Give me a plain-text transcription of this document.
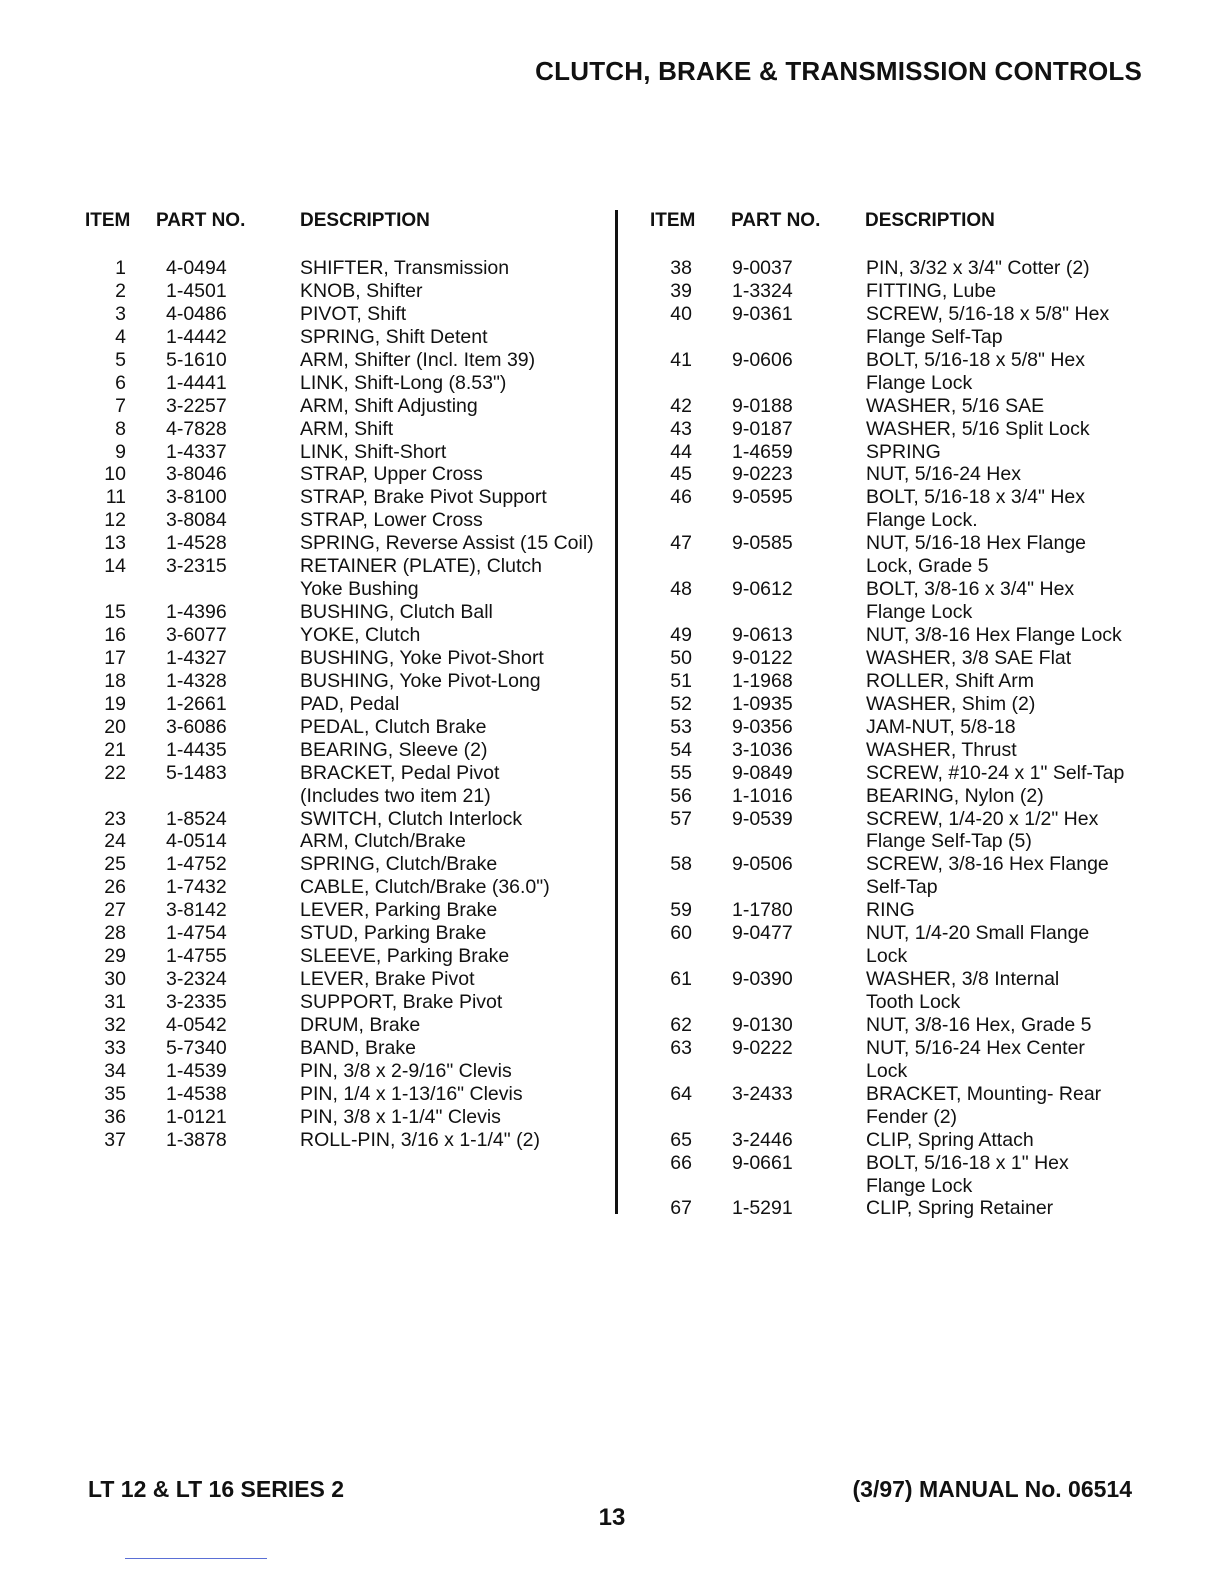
CLUTCH, BRAKE & TRANSMISSION CONTROLS
ITEM PART NO.	DESCRIPTION	ITEM PART NO. DESCRIPTION
1	4-0494	SHIFTER, Transmission
2	1-4501	KNOB, Shifter
3	4-0486	PIVOT, Shift
4	1-4442	SPRING, Shift Detent
5	5-1610	ARM, Shifter (Incl. Item 39)
6	1-4441	LINK, Shift-Long (8.53")
7	3-2257	ARM, Shift Adjusting
8	4-7828	ARM, Shift
9	1-4337	LINK, Shift-Short
10	3-8046	STRAP, Upper Cross
11	3-8100	STRAP, Brake Pivot Support
12	3-8084	STRAP, Lower Cross
13	1-4528	SPRING, Reverse Assist (15 Coil)
14	3-2315	RETAINER (PLATE), Clutch
Yoke Bushing
15	1-4396	BUSHING, Clutch Ball
16	3-6077	YOKE, Clutch
17	1-4327	BUSHING, Yoke Pivot-Short
18	1-4328	BUSHING, Yoke Pivot-Long
19	1-2661	PAD, Pedal
20	3-6086	PEDAL, Clutch Brake
21	1-4435	BEARING, Sleeve (2)
22	5-1483	BRACKET, Pedal Pivot
(Includes two item 21)
23	1-8524	SWITCH, Clutch Interlock
24	4-0514	ARM, Clutch/Brake
25	1-4752	SPRING, Clutch/Brake
26	1-7432	CABLE, Clutch/Brake (36.0")
27	3-8142	LEVER, Parking Brake
28	1-4754	STUD, Parking Brake
29	1-4755	SLEEVE, Parking Brake
30	3-2324	LEVER, Brake Pivot
31	3-2335	SUPPORT, Brake Pivot
32	4-0542	DRUM, Brake
33	5-7340	BAND, Brake
34	1-4539	PIN, 3/8 x 2-9/16" Clevis
35	1-4538	PIN, 1/4 x 1-13/16" Clevis
36	1-0121	PIN, 3/8 x 1-1/4" Clevis
37	1-3878	ROLL-PIN, 3/16 x 1-1/4" (2)
38	9-0037	PIN, 3/32 x 3/4" Cotter (2)
39	1-3324	FITTING, Lube
40	9-0361	SCREW, 5/16-18 x 5/8" Hex
Flange Self-Tap
41	9-0606	BOLT, 5/16-18 x 5/8" Hex
Flange Lock
42	9-0188	WASHER, 5/16 SAE
43	9-0187	WASHER, 5/16 Split Lock
44	1-4659	SPRING
45	9-0223	NUT, 5/16-24 Hex
46	9-0595	BOLT, 5/16-18 x 3/4" Hex
Flange Lock.
47	9-0585	NUT, 5/16-18 Hex Flange
Lock, Grade 5
48	9-0612	BOLT, 3/8-16 x 3/4" Hex
Flange Lock
49	9-0613	NUT, 3/8-16 Hex Flange Lock
50	9-0122	WASHER, 3/8 SAE Flat
51	1-1968	ROLLER, Shift Arm
52	1-0935	WASHER, Shim (2)
53	9-0356	JAM-NUT, 5/8-18
54	3-1036	WASHER, Thrust
55	9-0849	SCREW, #10-24 x 1" Self-Tap
56	1-1016	BEARING, Nylon (2)
57	9-0539	SCREW, 1/4-20 x 1/2" Hex
Flange Self-Tap (5)
58	9-0506	SCREW, 3/8-16 Hex Flange
Self-Tap
59	1-1780	RING
60	9-0477	NUT, 1/4-20 Small Flange
Lock
61	9-0390	WASHER, 3/8 Internal
Tooth Lock
62	9-0130	NUT, 3/8-16 Hex, Grade 5
63	9-0222	NUT, 5/16-24 Hex Center
Lock
64	3-2433	BRACKET, Mounting- Rear
Fender (2)
65	3-2446	CLIP, Spring Attach
66	9-0661	BOLT, 5/16-18 x 1" Hex
Flange Lock
67	1-5291	CLIP, Spring Retainer
LT 12 & LT 16 SERIES 2	(3/97) MANUAL No. 06514
13
